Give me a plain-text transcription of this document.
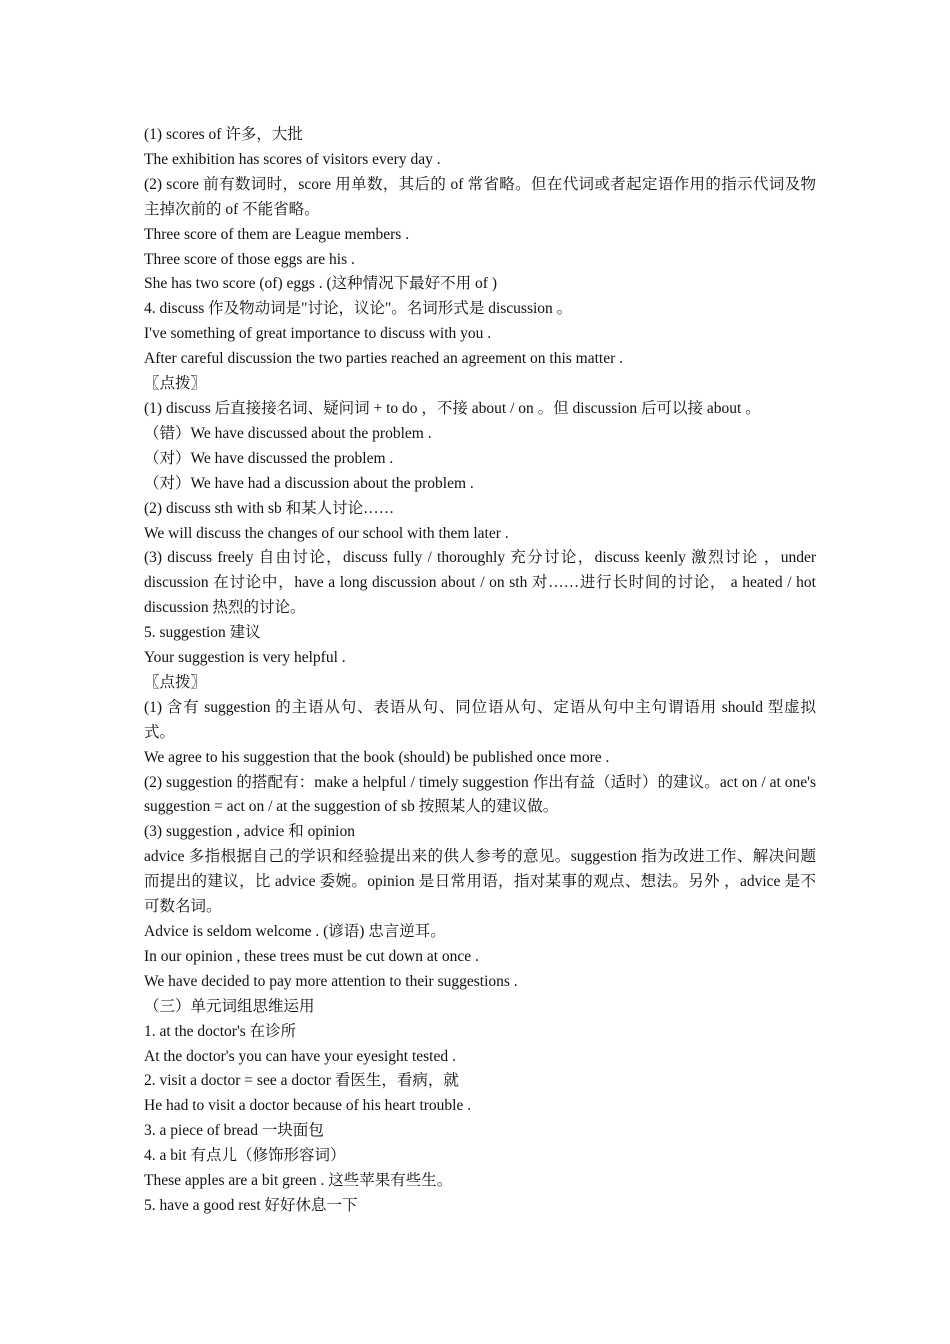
(1) scores of 许多，大批
The exhibition has scores of visitors every day .
(2) score 前有数词时，score 用单数，其后的 of 常省略。但在代词或者起定语作用的指示代词及物主掉次前的 of 不能省略。
Three score of them are League members .
Three score of those eggs are his .
She has two score (of) eggs . (这种情况下最好不用 of )
4. discuss 作及物动词是"讨论，议论"。名词形式是 discussion 。
I've something of great importance to discuss with you .
After careful discussion the two parties reached an agreement on this matter .
〖点拨〗
(1) discuss 后直接接名词、疑问词 + to do ，不接 about / on 。但 discussion 后可以接 about 。
（错）We have discussed about the problem .
（对）We have discussed the problem .
（对）We have had a discussion about the problem .
(2) discuss sth with sb 和某人讨论……
We will discuss the changes of our school with them later .
(3) discuss freely 自由讨论，discuss fully / thoroughly 充分讨论，discuss keenly 激烈讨论 ，under discussion 在讨论中，have a long discussion about / on sth 对……进行长时间的讨论， a heated / hot discussion 热烈的讨论。
5. suggestion 建议
Your suggestion is very helpful .
〖点拨〗
(1) 含有 suggestion 的主语从句、表语从句、同位语从句、定语从句中主句谓语用 should 型虚拟式。
We agree to his suggestion that the book (should) be published once more .
(2) suggestion 的搭配有：make a helpful / timely suggestion 作出有益（适时）的建议。act on / at one's suggestion = act on / at the suggestion of sb 按照某人的建议做。
(3) suggestion , advice 和 opinion
advice 多指根据自己的学识和经验提出来的供人参考的意见。suggestion 指为改进工作、解决问题而提出的建议，比 advice 委婉。opinion 是日常用语，指对某事的观点、想法。另外 ，advice 是不可数名词。
Advice is seldom welcome . (谚语) 忠言逆耳。
In our opinion , these trees must be cut down at once .
We have decided to pay more attention to their suggestions .
（三）单元词组思维运用
1. at the doctor's 在诊所
At the doctor's you can have your eyesight tested .
2. visit a doctor = see a doctor 看医生，看病，就
He had to visit a doctor because of his heart trouble .
3. a piece of bread 一块面包
4. a bit 有点儿（修饰形容词）
These apples are a bit green . 这些苹果有些生。
5. have a good rest 好好休息一下
